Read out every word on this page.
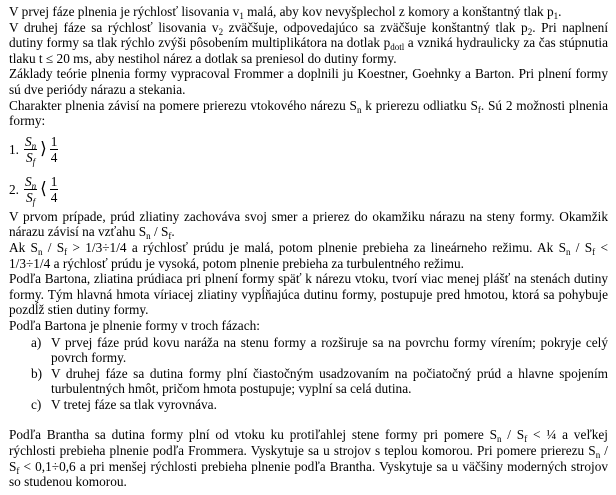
V prvej fáze plnenia je rýchlosť lisovania $v_1$ malá, aby kov nevyšplechol z komory a konštantný tlak $p_1$.

V druhej fáze sa rýchlosť lisovania $v_2$ zväčšuje, odpovedajúco sa zväčšuje konštantný tlak $p_2$. Pri naplnení dutiny formy sa tlak rýchlo zvýši pôsobením multiplikátora na dotlak $p_{dotl}$ a vzniká hydraulicky za čas stúpnutia tlaku t ≤ 20 ms, aby nestihol nárez a dotlak sa preniesol do dutiny formy.

Základy teórie plnenia formy vypracoval Frommer a doplnili ju Koestner, Goehnky a Barton. Pri plnení formy sú dve periódy nárazu a stekania.

Charakter plnenia závisí na pomere prierezu vtokového nárezu $S_n$ k prierezu odliatku $S_f$. Sú 2 možnosti plnenia formy:

1. $\frac{S_n}{S_f}$ ⟩ $\frac{1}{4}$
2. $\frac{S_n}{S_f}$ ⟨ $\frac{1}{4}$

V prvom prípade, prúd zliatiny zachováva svoj smer a prierez do okamžiku nárazu na steny formy. Okamžik nárazu závisí na vzťahu $S_n / S_f$.

Ak $S_n / S_f > 1/3\div 1/4$ a rýchlosť prúdu je malá, potom plnenie prebieha za lineárneho režimu. Ak $S_n / S_f < 1/3\div 1/4$ a rýchlosť prúdu je vysoká, potom plnenie prebieha za turbulentného režimu.

Podľa Bartona, zliatina prúdiaca pri plnení formy späť k nárezu vtoku, tvorí viac menej plášť na stenách dutiny formy. Tým hlavná hmota víriacej zliatiny vypĺňajúca dutinu formy, postupuje pred hmotou, ktorá sa pohybuje pozdĺž stien dutiny formy.

Podľa Bartona je plnenie formy v troch fázach:

a) V prvej fáze prúd kovu naráža na stenu formy a rozširuje sa na povrchu formy vírením; pokryje celý povrch formy.
b) V druhej fáze sa dutina formy plní čiastočným usadzovaním na počiatočný prúd a hlavne spojením turbulentných hmôt, pričom hmota postupuje; vyplní sa celá dutina.
c) V tretej fáze sa tlak vyrovnáva.

Podľa Brantha sa dutina formy plní od vtoku ku protiľahlej stene formy pri pomere $S_n / S_f$ < ¼ a veľkej rýchlosti prebieha plnenie podľa Frommera. Vyskytuje sa u strojov s teplou komorou. Pri pomere prierezu $S_n / S_f < 0,1\div 0,6$ a pri menšej rýchlosti prebieha plnenie podľa Brantha. Vyskytuje sa u väčšiny moderných strojov so studenou komorou.
